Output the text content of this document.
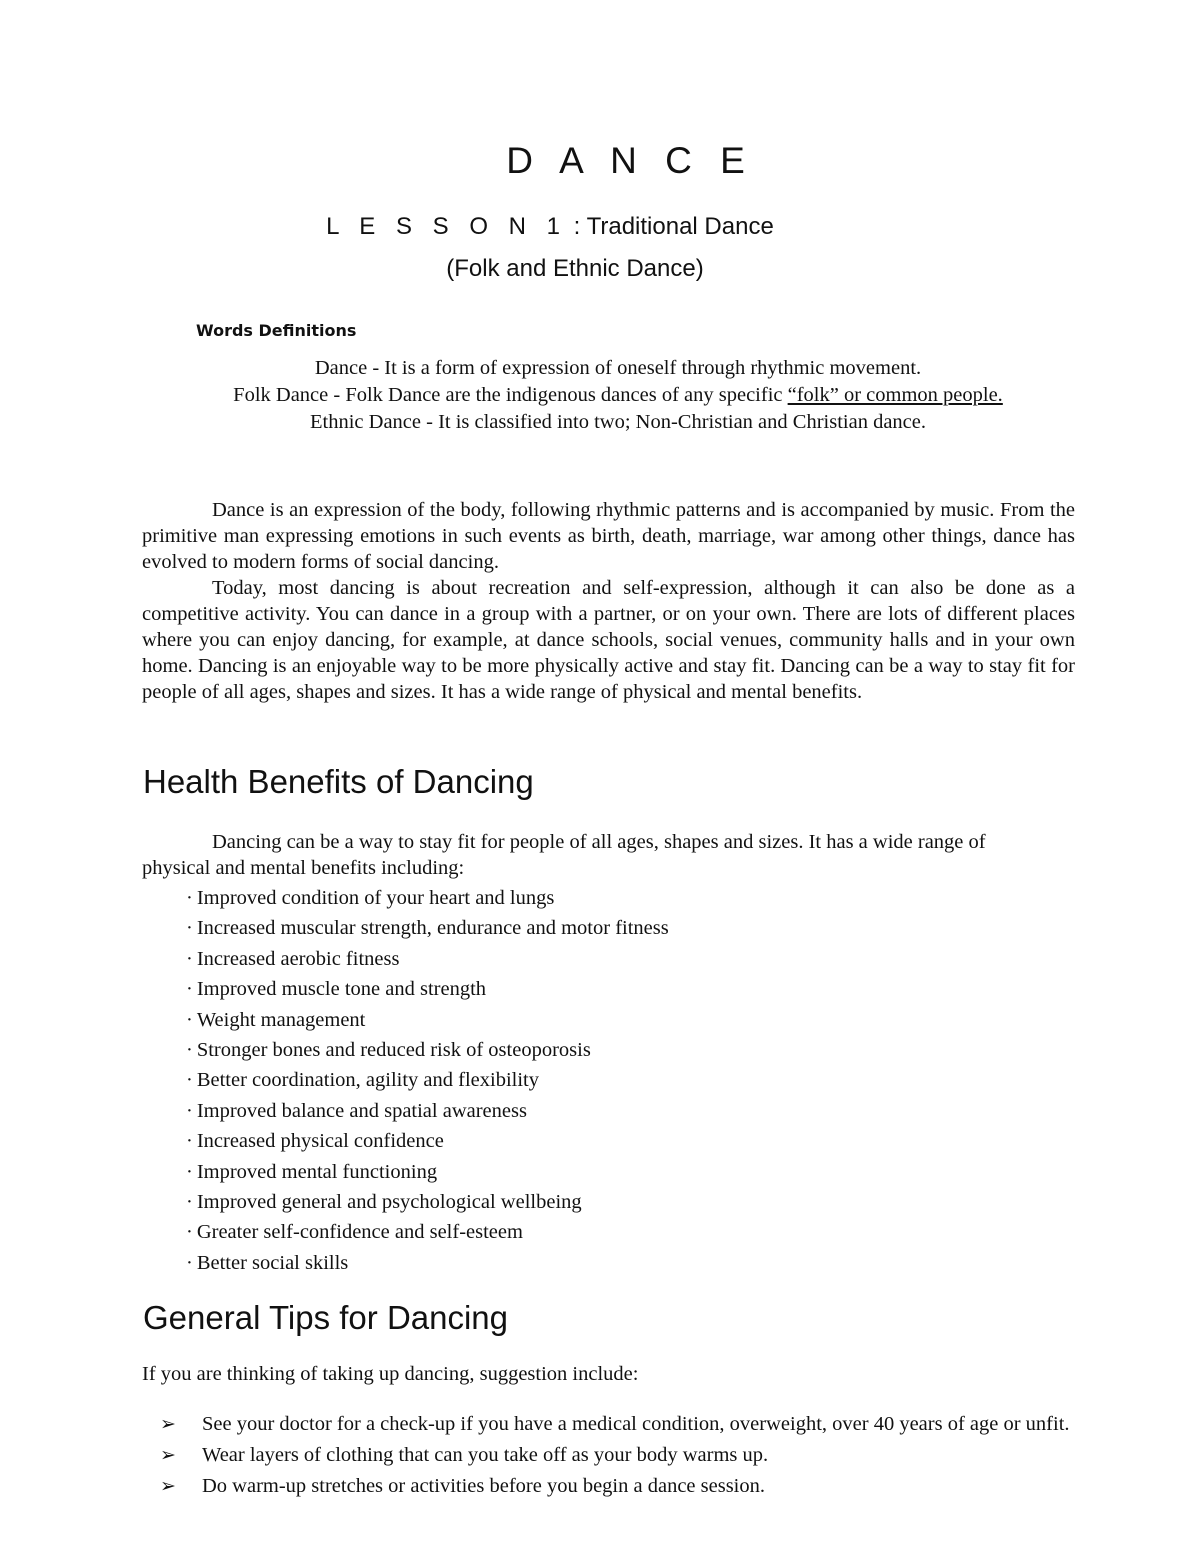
D A N C E
L E S S O N 1 : Traditional Dance
(Folk and Ethnic Dance)
Words Definitions
Dance - It is a form of expression of oneself through rhythmic movement.
Folk Dance - Folk Dance are the indigenous dances of any specific “folk” or common people.
Ethnic Dance - It is classified into two; Non-Christian and Christian dance.

Dance is an expression of the body, following rhythmic patterns and is accompanied by music. From the primitive man expressing emotions in such events as birth, death, marriage, war among other things, dance has evolved to modern forms of social dancing.

Today, most dancing is about recreation and self-expression, although it can also be done as a competitive activity. You can dance in a group with a partner, or on your own. There are lots of different places where you can enjoy dancing, for example, at dance schools, social venues, community halls and in your own home. Dancing is an enjoyable way to be more physically active and stay fit. Dancing can be a way to stay fit for people of all ages, shapes and sizes. It has a wide range of physical and mental benefits.

Health Benefits of Dancing

Dancing can be a way to stay fit for people of all ages, shapes and sizes. It has a wide range of physical and mental benefits including:

· Improved condition of your heart and lungs
· Increased muscular strength, endurance and motor fitness
· Increased aerobic fitness
· Improved muscle tone and strength
· Weight management
· Stronger bones and reduced risk of osteoporosis
· Better coordination, agility and flexibility
· Improved balance and spatial awareness
· Increased physical confidence
· Improved mental functioning
· Improved general and psychological wellbeing
· Greater self-confidence and self-esteem
· Better social skills
General Tips for Dancing

If you are thinking of taking up dancing, suggestion include:

➢ See your doctor for a check-up if you have a medical condition, overweight, over 40 years of age or unfit.
➢ Wear layers of clothing that can you take off as your body warms up.
➢ Do warm-up stretches or activities before you begin a dance session.
